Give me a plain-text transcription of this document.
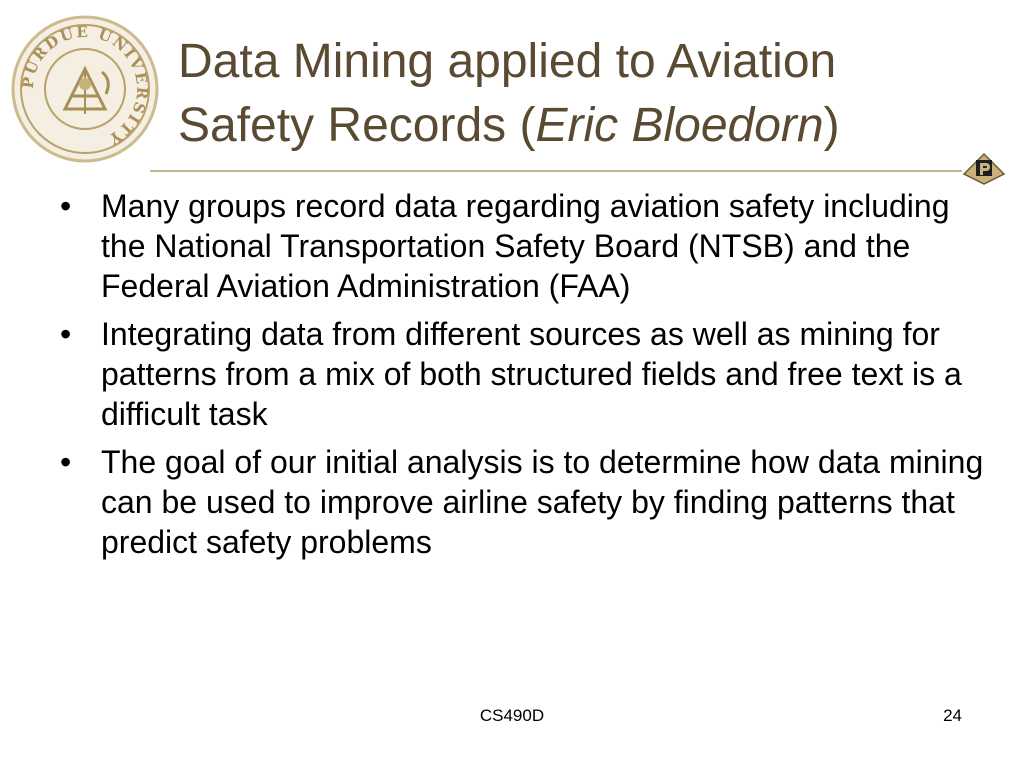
PURDUE UNIVERSITY
Data Mining applied to Aviation Safety Records (Eric Bloedorn)
• Many groups record data regarding aviation safety including the National Transportation Safety Board (NTSB) and the Federal Aviation Administration (FAA)
• Integrating data from different sources as well as mining for patterns from a mix of both structured fields and free text is a difficult task
• The goal of our initial analysis is to determine how data mining can be used to improve airline safety by finding patterns that predict safety problems
CS490D	24
